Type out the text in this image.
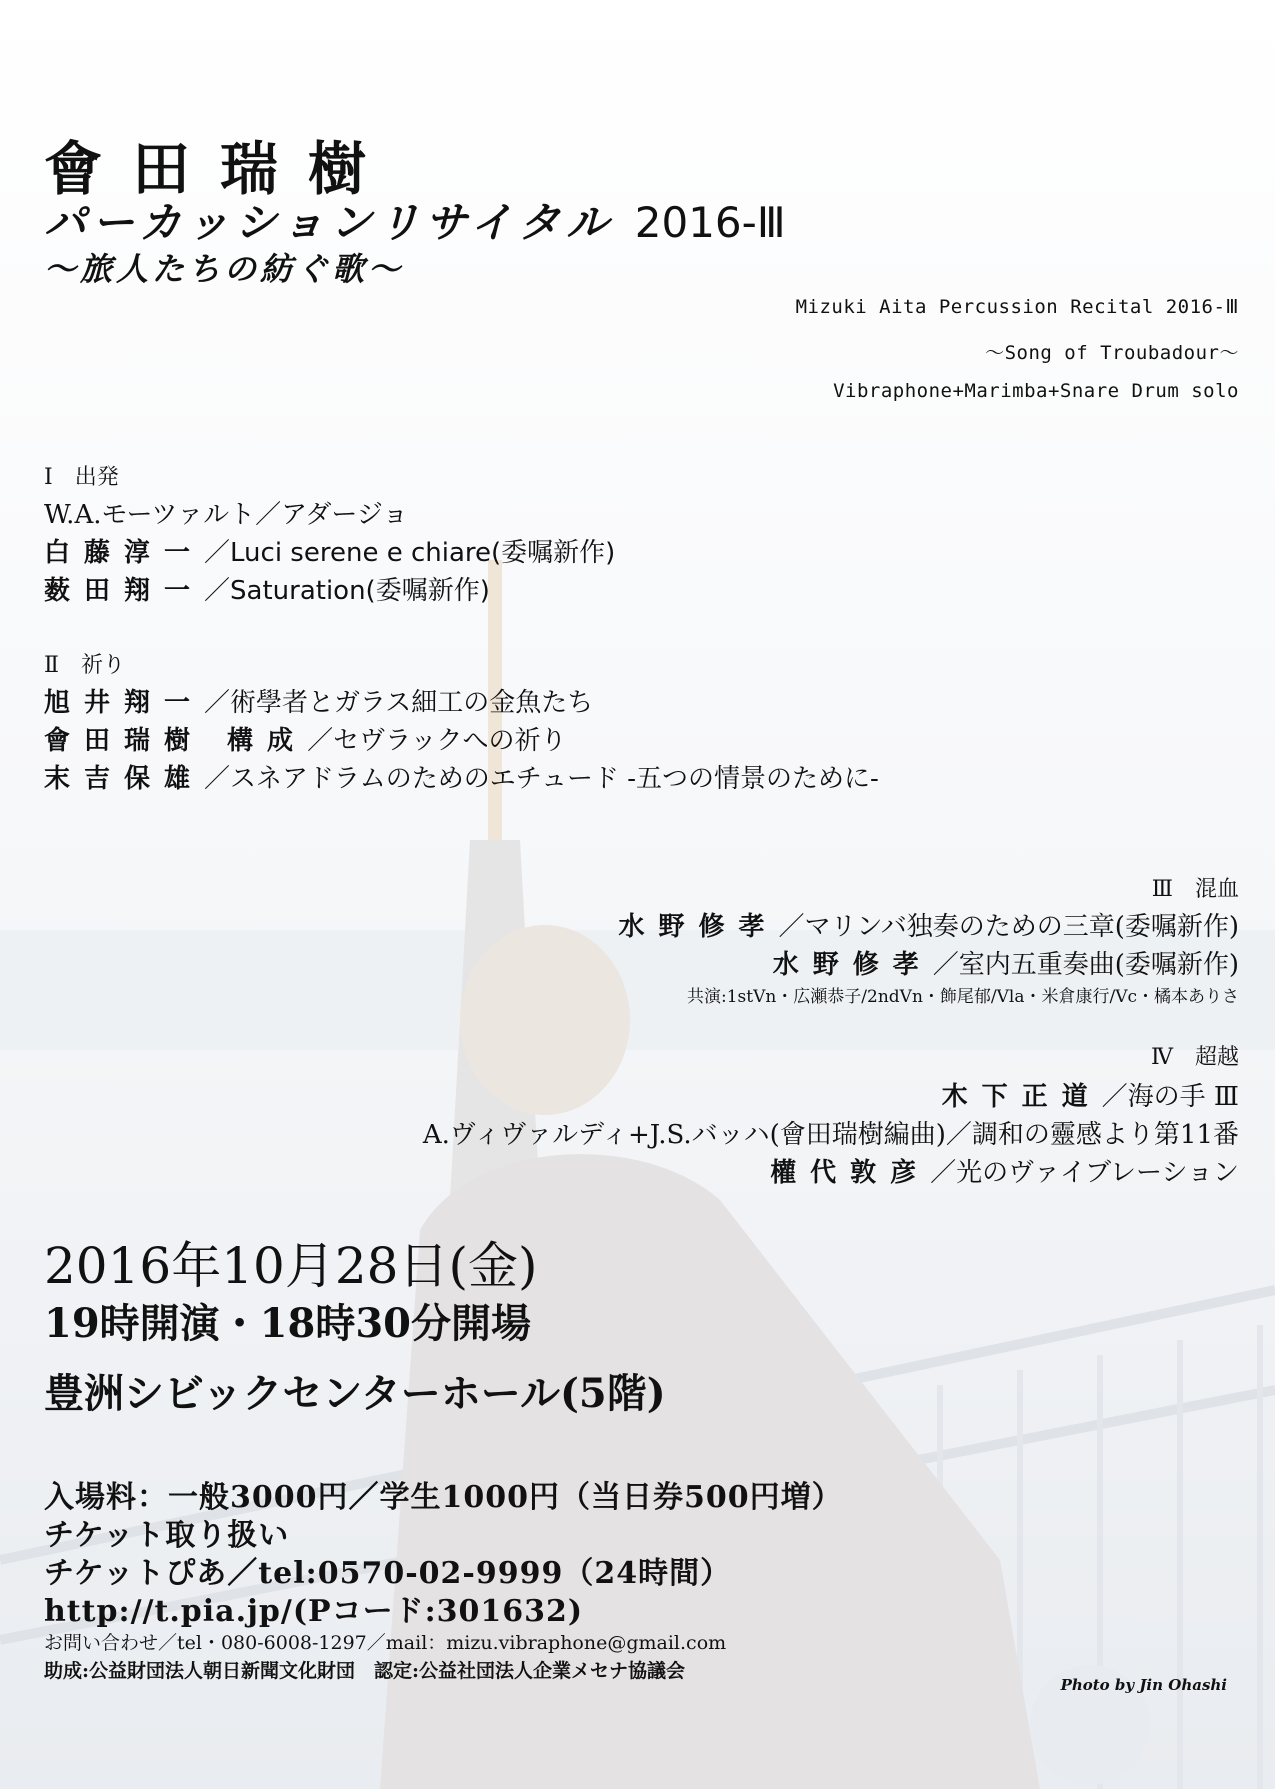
會田瑞樹
パーカッションリサイタル 2016-Ⅲ
～旅人たちの紡ぐ歌～
Mizuki Aita Percussion Recital 2016-Ⅲ
～Song of Troubadour～
Vibraphone+Marimba+Snare Drum solo
Ⅰ　出発
W.A.モーツァルト／アダージョ
白藤淳一／Luci serene e chiare(委嘱新作)
薮田翔一／Saturation(委嘱新作)
Ⅱ　祈り
旭井翔一／術學者とガラス細工の金魚たち
會田瑞樹 構成／セヴラックへの祈り
末吉保雄／スネアドラムのためのエチュード -五つの情景のために-
Ⅲ　混血
水野修孝／マリンバ独奏のための三章(委嘱新作)
水野修孝／室内五重奏曲(委嘱新作)
共演:1stVn・広瀬恭子/2ndVn・飾尾郁/Vla・米倉康行/Vc・橘本ありさ
Ⅳ　超越
木下正道／海の手 Ⅲ
A.ヴィヴァルディ+J.S.バッハ(會田瑞樹編曲)／調和の靈感より第11番
權代敦彦／光のヴァイブレーション
2016年10月28日(金)
19時開演・18時30分開場
豊洲シビックセンターホール(5階)
入場料：一般3000円／学生1000円（当日券500円増）
チケット取り扱い
チケットぴあ／tel:0570-02-9999（24時間）
http://t.pia.jp/(Pコード:301632)
お問い合わせ／tel・080-6008-1297／mail：mizu.vibraphone@gmail.com
助成:公益財団法人朝日新聞文化財団　認定:公益社団法人企業メセナ協議会
Photo by Jin Ohashi
